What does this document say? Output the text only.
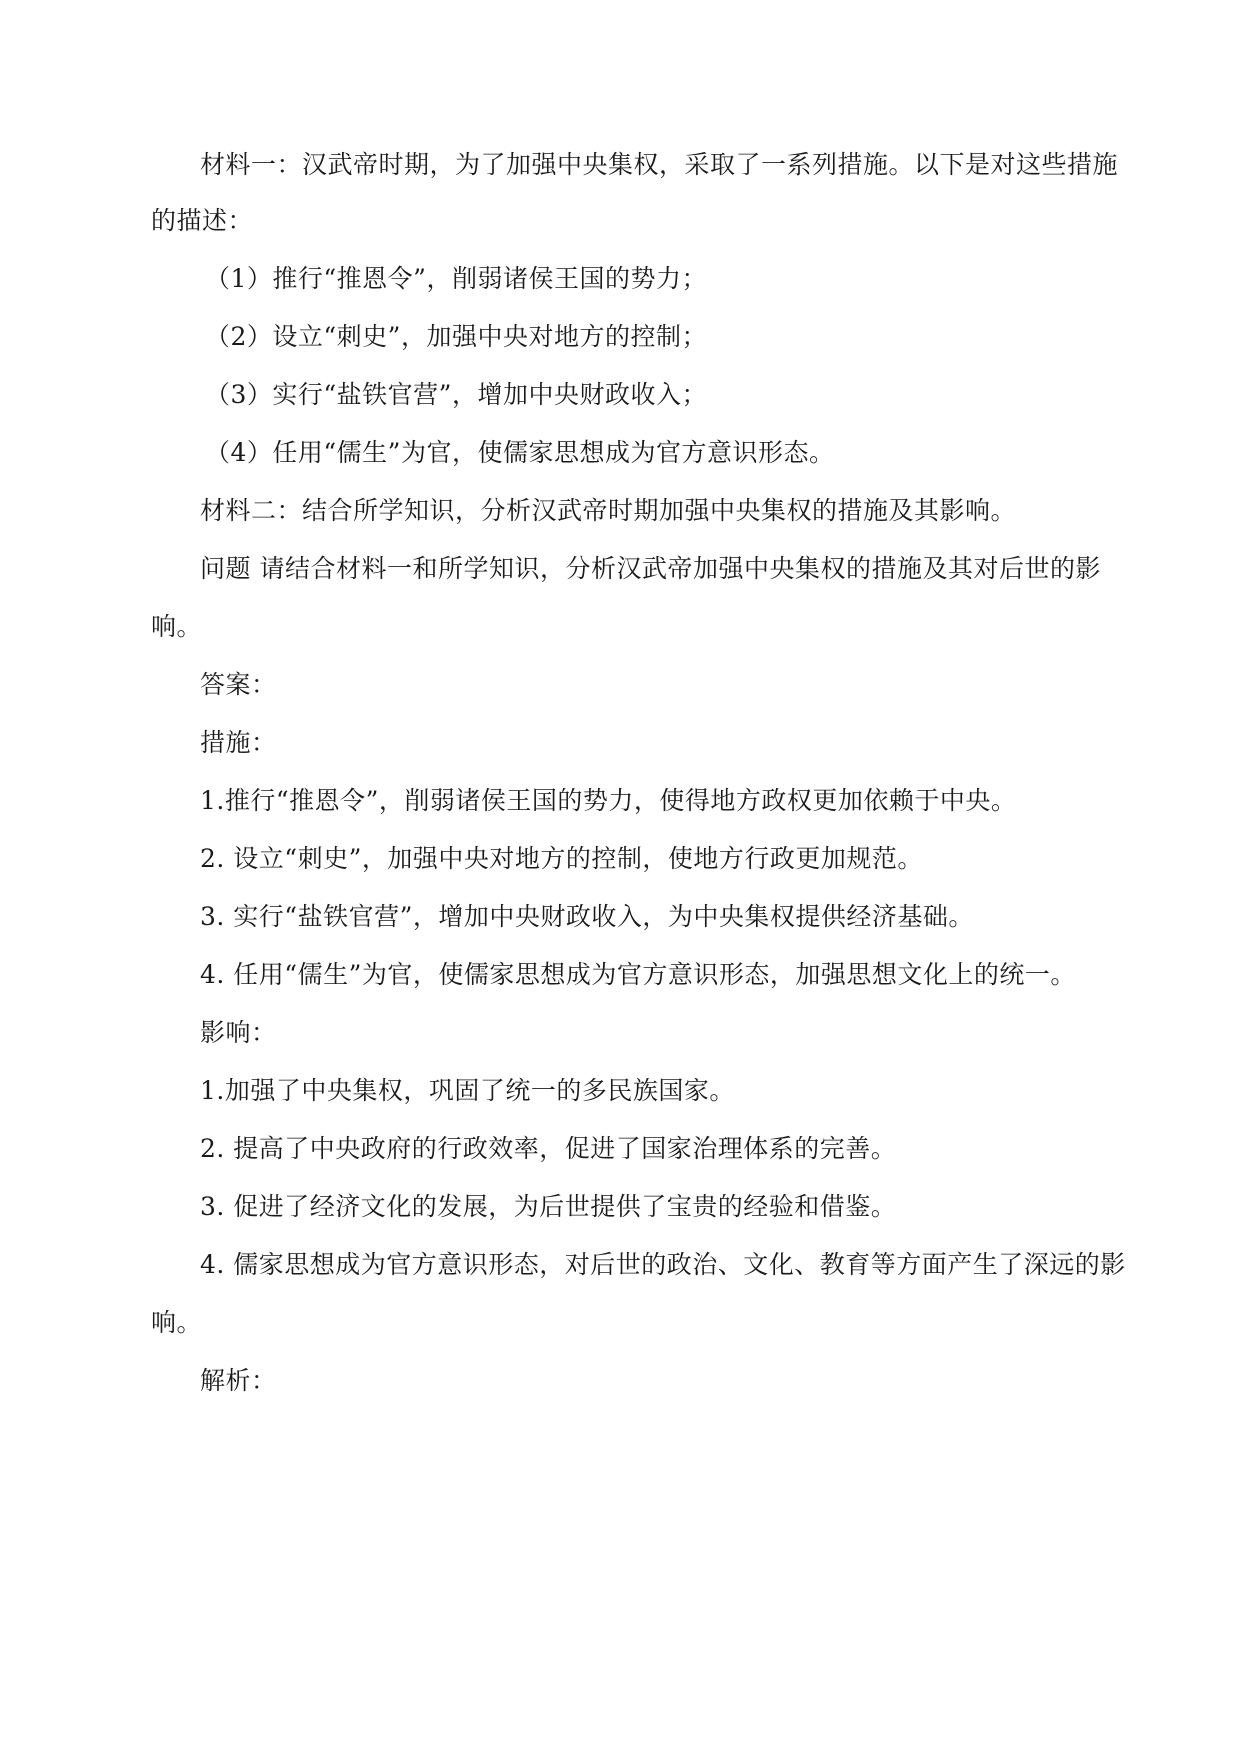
材料一：汉武帝时期，为了加强中央集权，采取了一系列措施。以下是对这些措施
的描述：
（1）推行“推恩令”，削弱诸侯王国的势力；
（2）设立“刺史”，加强中央对地方的控制；
（3）实行“盐铁官营”，增加中央财政收入；
（4）任用“儒生”为官，使儒家思想成为官方意识形态。
材料二：结合所学知识，分析汉武帝时期加强中央集权的措施及其影响。
问题 请结合材料一和所学知识，分析汉武帝加强中央集权的措施及其对后世的影
响。
答案：
措施：
1.推行“推恩令”，削弱诸侯王国的势力，使得地方政权更加依赖于中央。
2. 设立“刺史”，加强中央对地方的控制，使地方行政更加规范。
3. 实行“盐铁官营”，增加中央财政收入，为中央集权提供经济基础。
4. 任用“儒生”为官，使儒家思想成为官方意识形态，加强思想文化上的统一。
影响：
1.加强了中央集权，巩固了统一的多民族国家。
2. 提高了中央政府的行政效率，促进了国家治理体系的完善。
3. 促进了经济文化的发展，为后世提供了宝贵的经验和借鉴。
4. 儒家思想成为官方意识形态，对后世的政治、文化、教育等方面产生了深远的影
响。
解析：
